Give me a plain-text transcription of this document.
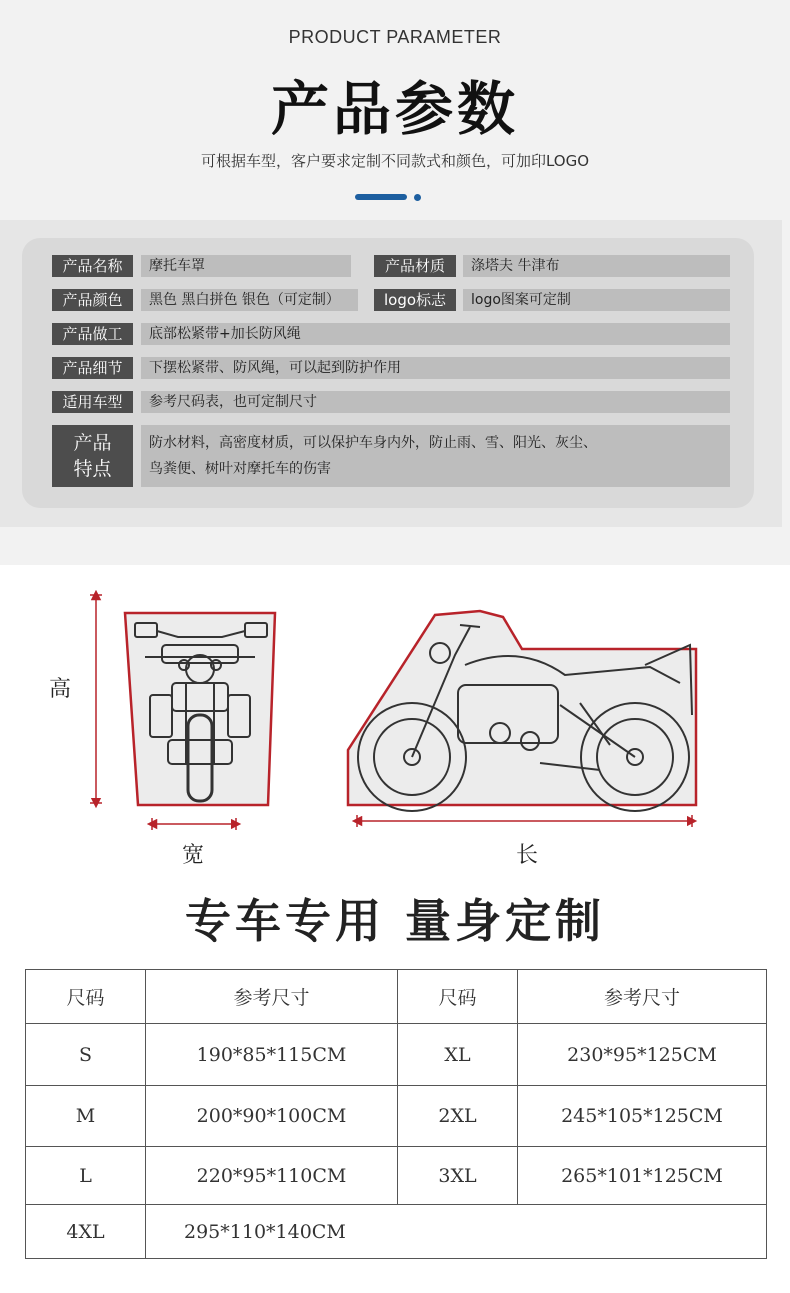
PRODUCT PARAMETER
产品参数
可根据车型，客户要求定制不同款式和颜色，可加印LOGO
产品名称	摩托车罩	产品材质	涤塔夫 牛津布
产品颜色	黑色 黑白拼色 银色（可定制）	logo标志	logo图案可定制
产品做工	底部松紧带+加长防风绳
产品细节	下摆松紧带、防风绳，可以起到防护作用
适用车型	参考尺码表，也可定制尺寸
产品
特点
防水材料，高密度材质，可以保护车身内外，防止雨、雪、阳光、灰尘、
鸟粪便、树叶对摩托车的伤害
高
宽	长
专车专用 量身定制
尺码	参考尺寸	尺码	参考尺寸
S	190*85*115CM	XL	230*95*125CM
M	200*90*100CM	2XL	245*105*125CM
L	220*95*110CM	3XL	265*101*125CM
4XL	295*110*140CM		
